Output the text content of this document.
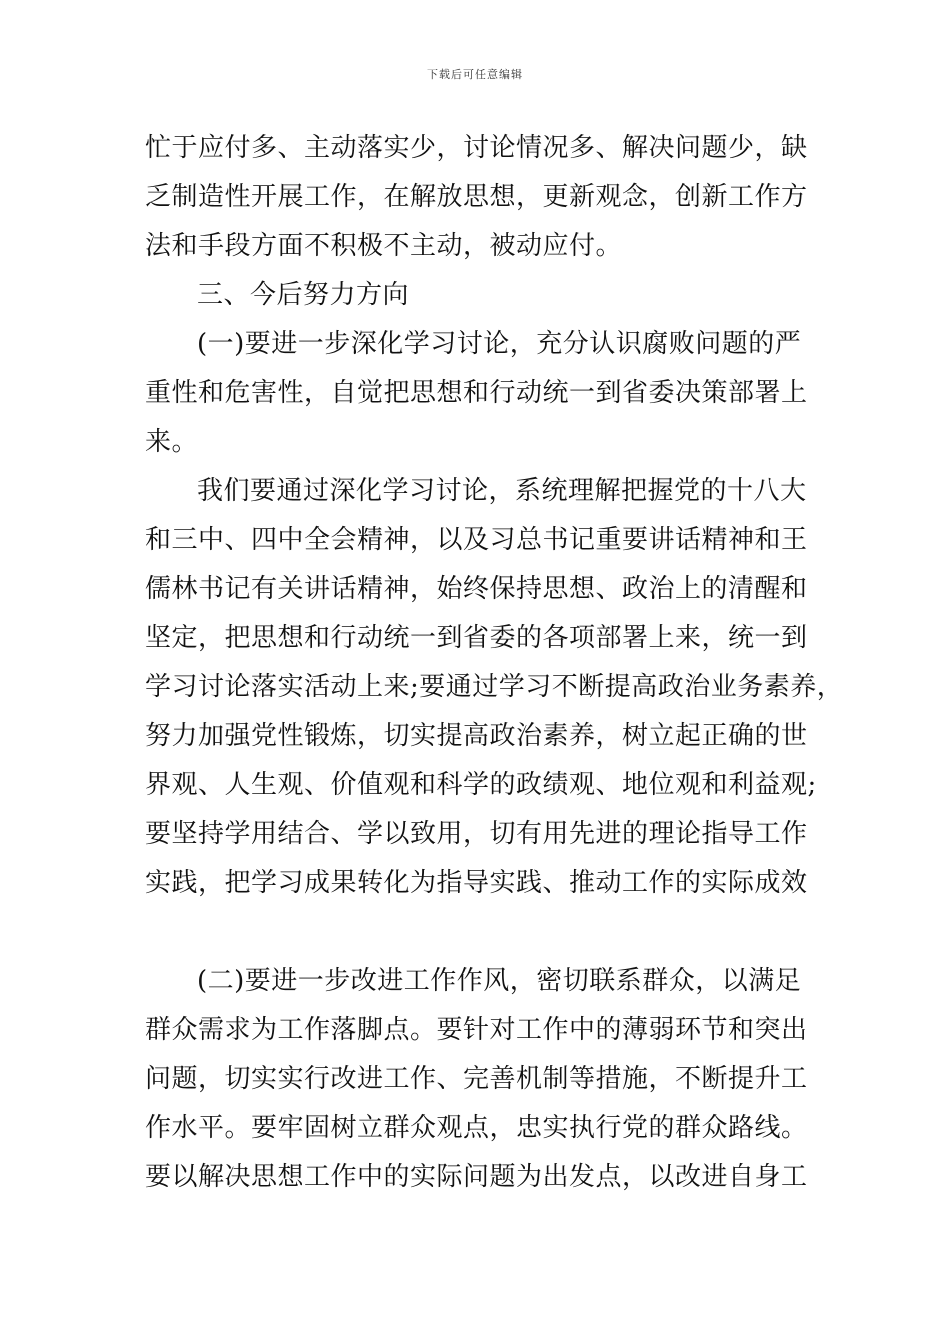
下载后可任意编辑
忙于应付多、主动落实少，讨论情况多、解决问题少，缺
乏制造性开展工作，在解放思想，更新观念，创新工作方
法和手段方面不积极不主动，被动应付。
三、今后努力方向
(一)要进一步深化学习讨论，充分认识腐败问题的严
重性和危害性，自觉把思想和行动统一到省委决策部署上
来。
我们要通过深化学习讨论，系统理解把握党的十八大
和三中、四中全会精神，以及习总书记重要讲话精神和王
儒林书记有关讲话精神，始终保持思想、政治上的清醒和
坚定，把思想和行动统一到省委的各项部署上来，统一到
学习讨论落实活动上来;要通过学习不断提高政治业务素养，
努力加强党性锻炼，切实提高政治素养，树立起正确的世
界观、人生观、价值观和科学的政绩观、地位观和利益观;
要坚持学用结合、学以致用，切有用先进的理论指导工作
实践，把学习成果转化为指导实践、推动工作的实际成效
(二)要进一步改进工作作风，密切联系群众，以满足
群众需求为工作落脚点。要针对工作中的薄弱环节和突出
问题，切实实行改进工作、完善机制等措施，不断提升工
作水平。要牢固树立群众观点，忠实执行党的群众路线。
要以解决思想工作中的实际问题为出发点，以改进自身工
